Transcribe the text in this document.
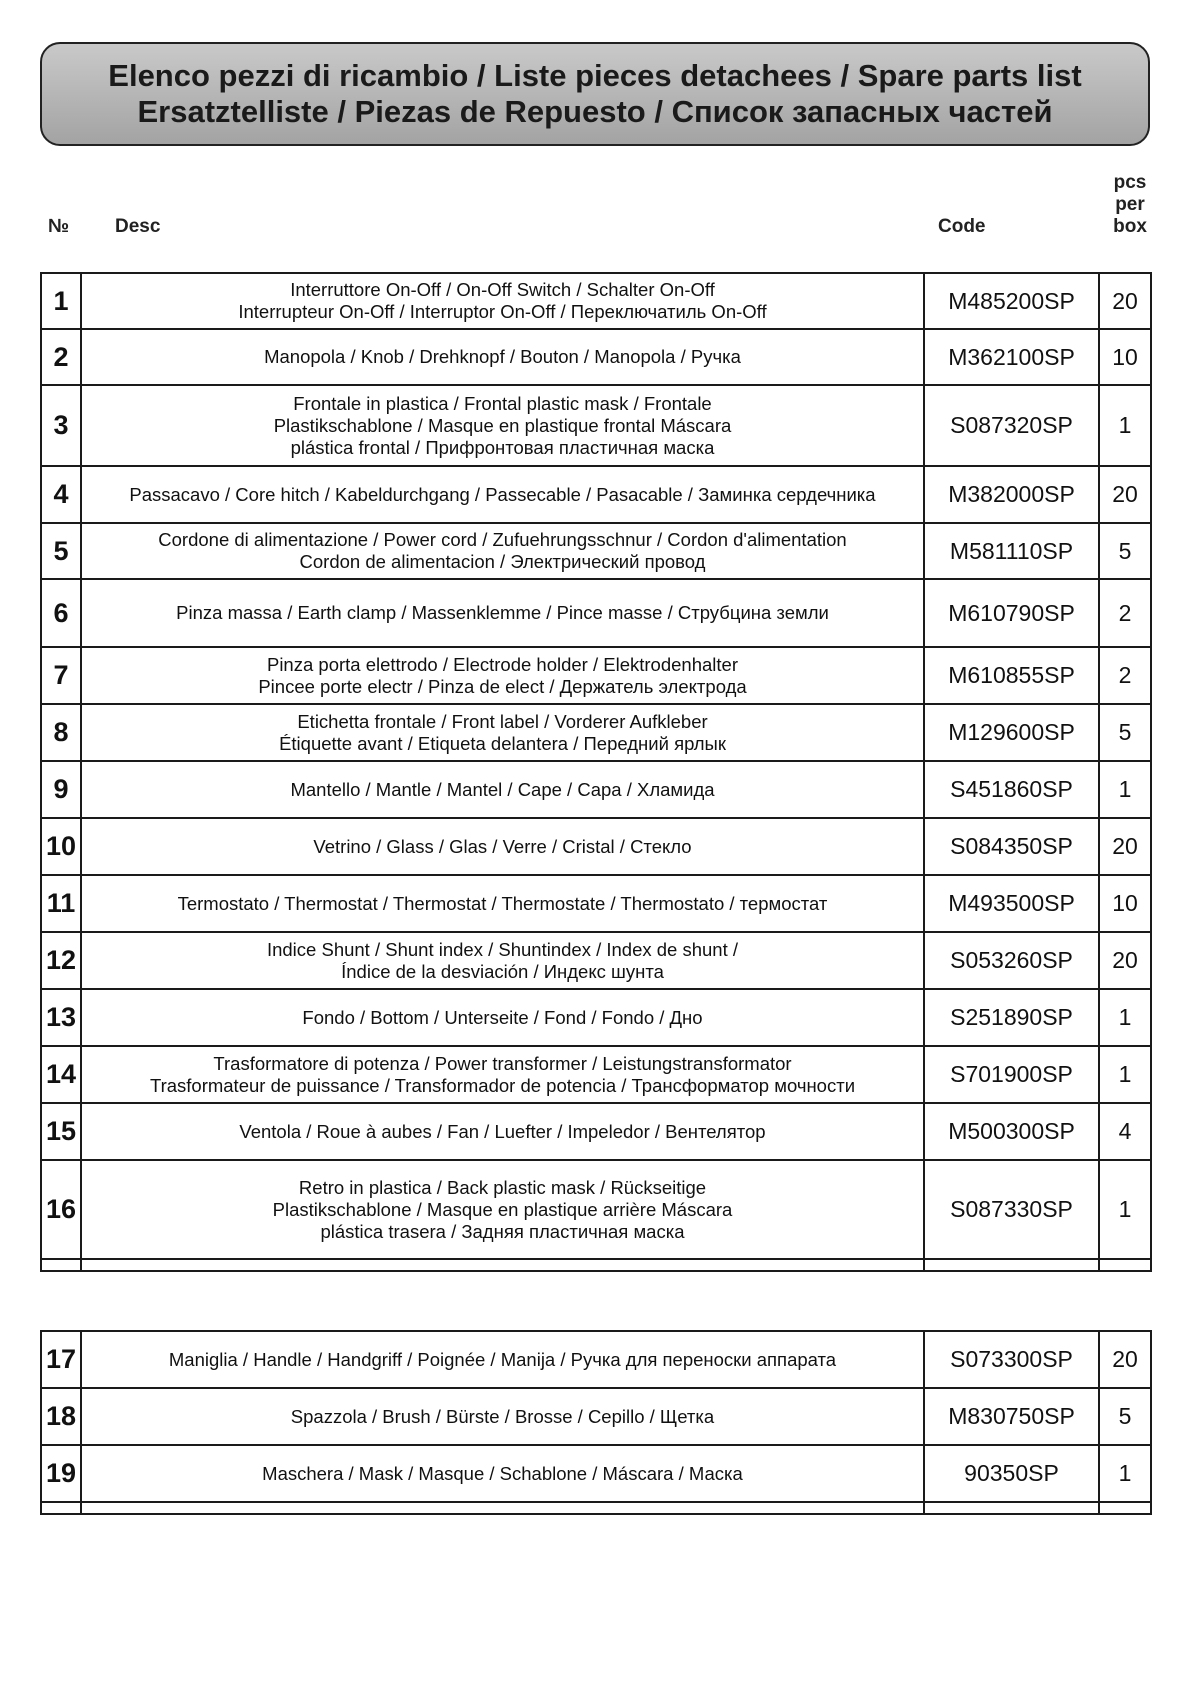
Elenco pezzi di ricambio / Liste pieces detachees / Spare parts list
Ersatztelliste / Piezas de Repuesto / Список запасных частей
№ Desc	Code
pcs
per
box
1	Interruttore On-Off / On-Off Switch / Schalter On-Off
Interrupteur On-Off / Interruptor On-Off / Переключатиль On-Off	M485200SP	20
2	Manopola / Knob / Drehknopf / Bouton / Manopola / Ручка	M362100SP	10
3	Frontale in plastica / Frontal plastic mask / Frontale
Plastikschablone / Masque en plastique frontal Máscara
plástica frontal / Прифронтовая пластичная маска	S087320SP	1
4	Passacavo / Core hitch / Kabeldurchgang / Passecable / Pasacable / Заминка сердечника	M382000SP	20
5	Cordone di alimentazione / Power cord / Zufuehrungsschnur / Cordon d'alimentation
Cordon de alimentacion / Электрический провод	M581110SP	5
6	Pinza massa / Earth clamp / Massenklemme / Pince masse / Струбцина земли	M610790SP	2
7	Pinza porta elettrodo / Electrode holder / Elektrodenhalter
Pincee porte electr / Pinza de elect / Держатель электрода	M610855SP	2
8	Etichetta frontale / Front label / Vorderer Aufkleber
Étiquette avant / Etiqueta delantera / Передний ярлык	M129600SP	5
9	Mantello / Mantle / Mantel / Cape / Capa / Хламида	S451860SP	1
10	Vetrino / Glass / Glas / Verre / Cristal / Стекло	S084350SP	20
11	Termostato / Thermostat / Thermostat / Thermostate / Thermostato / термостат	M493500SP	10
12	Indice Shunt / Shunt index / Shuntindex / Index de shunt /
Índice de la desviación / Индекс шунта	S053260SP	20
13	Fondo / Bottom / Unterseite / Fond / Fondo / Дно	S251890SP	1
14	Trasformatore di potenza / Power transformer / Leistungstransformator
Trasformateur de puissance / Transformador de potencia / Трансформатор мочности	S701900SP	1
15	Ventola / Roue à aubes / Fan / Luefter / Impeledor / Вентелятор	M500300SP	4
16	Retro in plastica / Back plastic mask / Rückseitige
Plastikschablone / Masque en plastique arrière Máscara
plástica trasera / Задняя пластичная маска	S087330SP	1

17	Maniglia / Handle / Handgriff / Poignée / Manija / Ручка для переноски аппарата	S073300SP	20
18	Spazzola / Brush / Bürste / Brosse / Cepillo / Щетка	M830750SP	5
19	Maschera / Mask / Masque / Schablone / Máscara / Маска	90350SP	1
